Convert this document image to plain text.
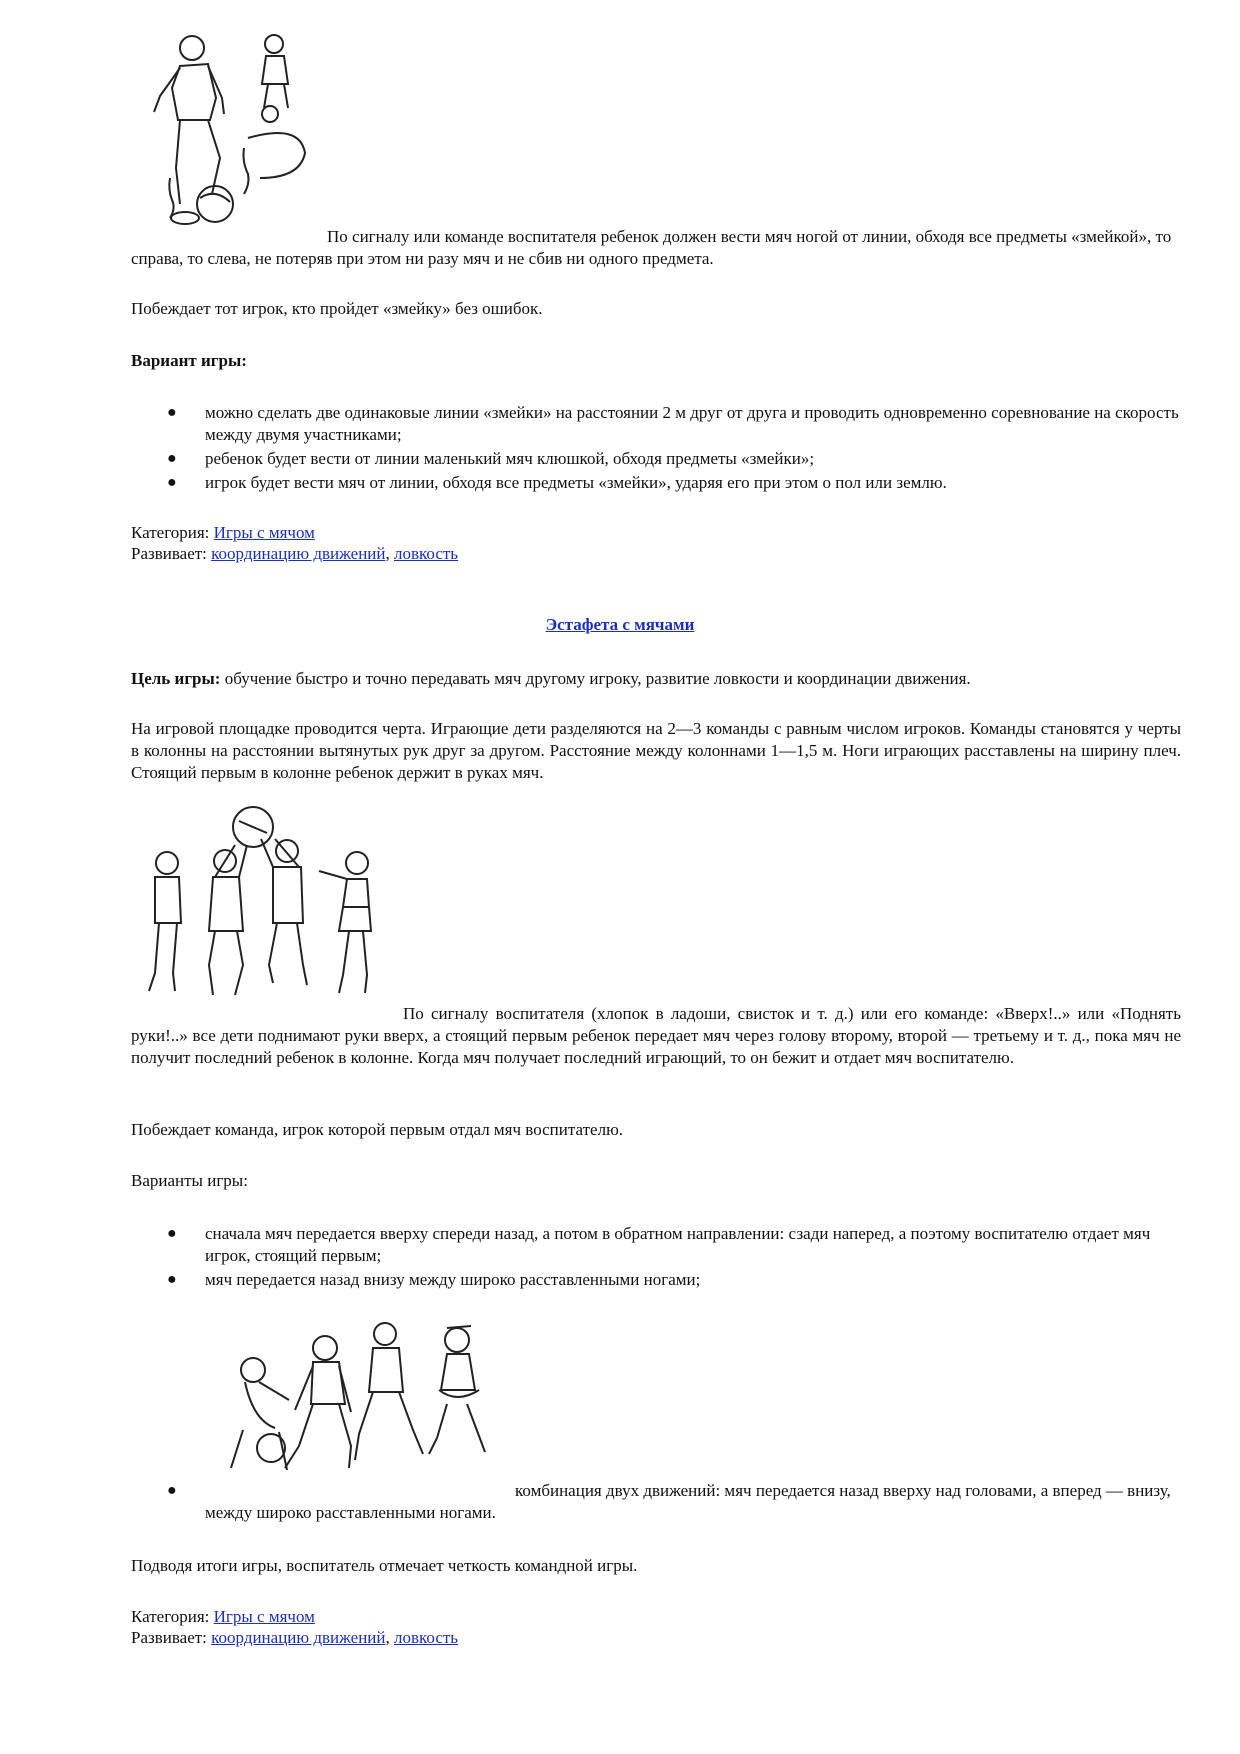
По сигналу или команде воспитателя ребенок должен вести мяч ногой от линии, обходя все предметы «змейкой», то справа, то слева, не потеряв при этом ни разу мяч и не сбив ни одного предмета.

Побеждает тот игрок, кто пройдет «змейку» без ошибок.

Вариант игры:

● можно сделать две одинаковые линии «змейки» на расстоянии 2 м друг от друга и проводить одновременно соревнование на скорость между двумя участниками;
● ребенок будет вести от линии маленький мяч клюшкой, обходя предметы «змейки»;
● игрок будет вести мяч от линии, обходя все предметы «змейки», ударяя его при этом о пол или землю.
Категория: Игры с мячом
Развивает: координацию движений, ловкость
Эстафета с мячами

Цель игры: обучение быстро и точно передавать мяч другому игроку, развитие ловкости и координации движения.

На игровой площадке проводится черта. Играющие дети разделяются на 2—3 команды с равным числом игроков. Команды становятся у черты в колонны на расстоянии вытянутых рук друг за другом. Расстояние между колоннами 1—1,5 м. Ноги играющих расставлены на ширину плеч. Стоящий первым в колонне ребенок держит в руках мяч.

По сигналу воспитателя (хлопок в ладоши, свисток и т. д.) или его команде: «Вверх!..» или «Поднять руки!..» все дети поднимают руки вверх, а стоящий первым ребенок передает мяч через голову второму, второй — третьему и т. д., пока мяч не получит последний ребенок в колонне. Когда мяч получает последний играющий, то он бежит и отдает мяч воспитателю.

Побеждает команда, игрок которой первым отдал мяч воспитателю.

Варианты игры:

● сначала мяч передается вверху спереди назад, а потом в обратном направлении: сзади наперед, а поэтому воспитателю отдает мяч игрок, стоящий первым;
● мяч передается назад внизу между широко расставленными ногами;
●	комбинация двух движений: мяч передается назад вверху над головами, а вперед — внизу, между широко расставленными ногами.

Подводя итоги игры, воспитатель отмечает четкость командной игры.

Категория: Игры с мячом
Развивает: координацию движений, ловкость
